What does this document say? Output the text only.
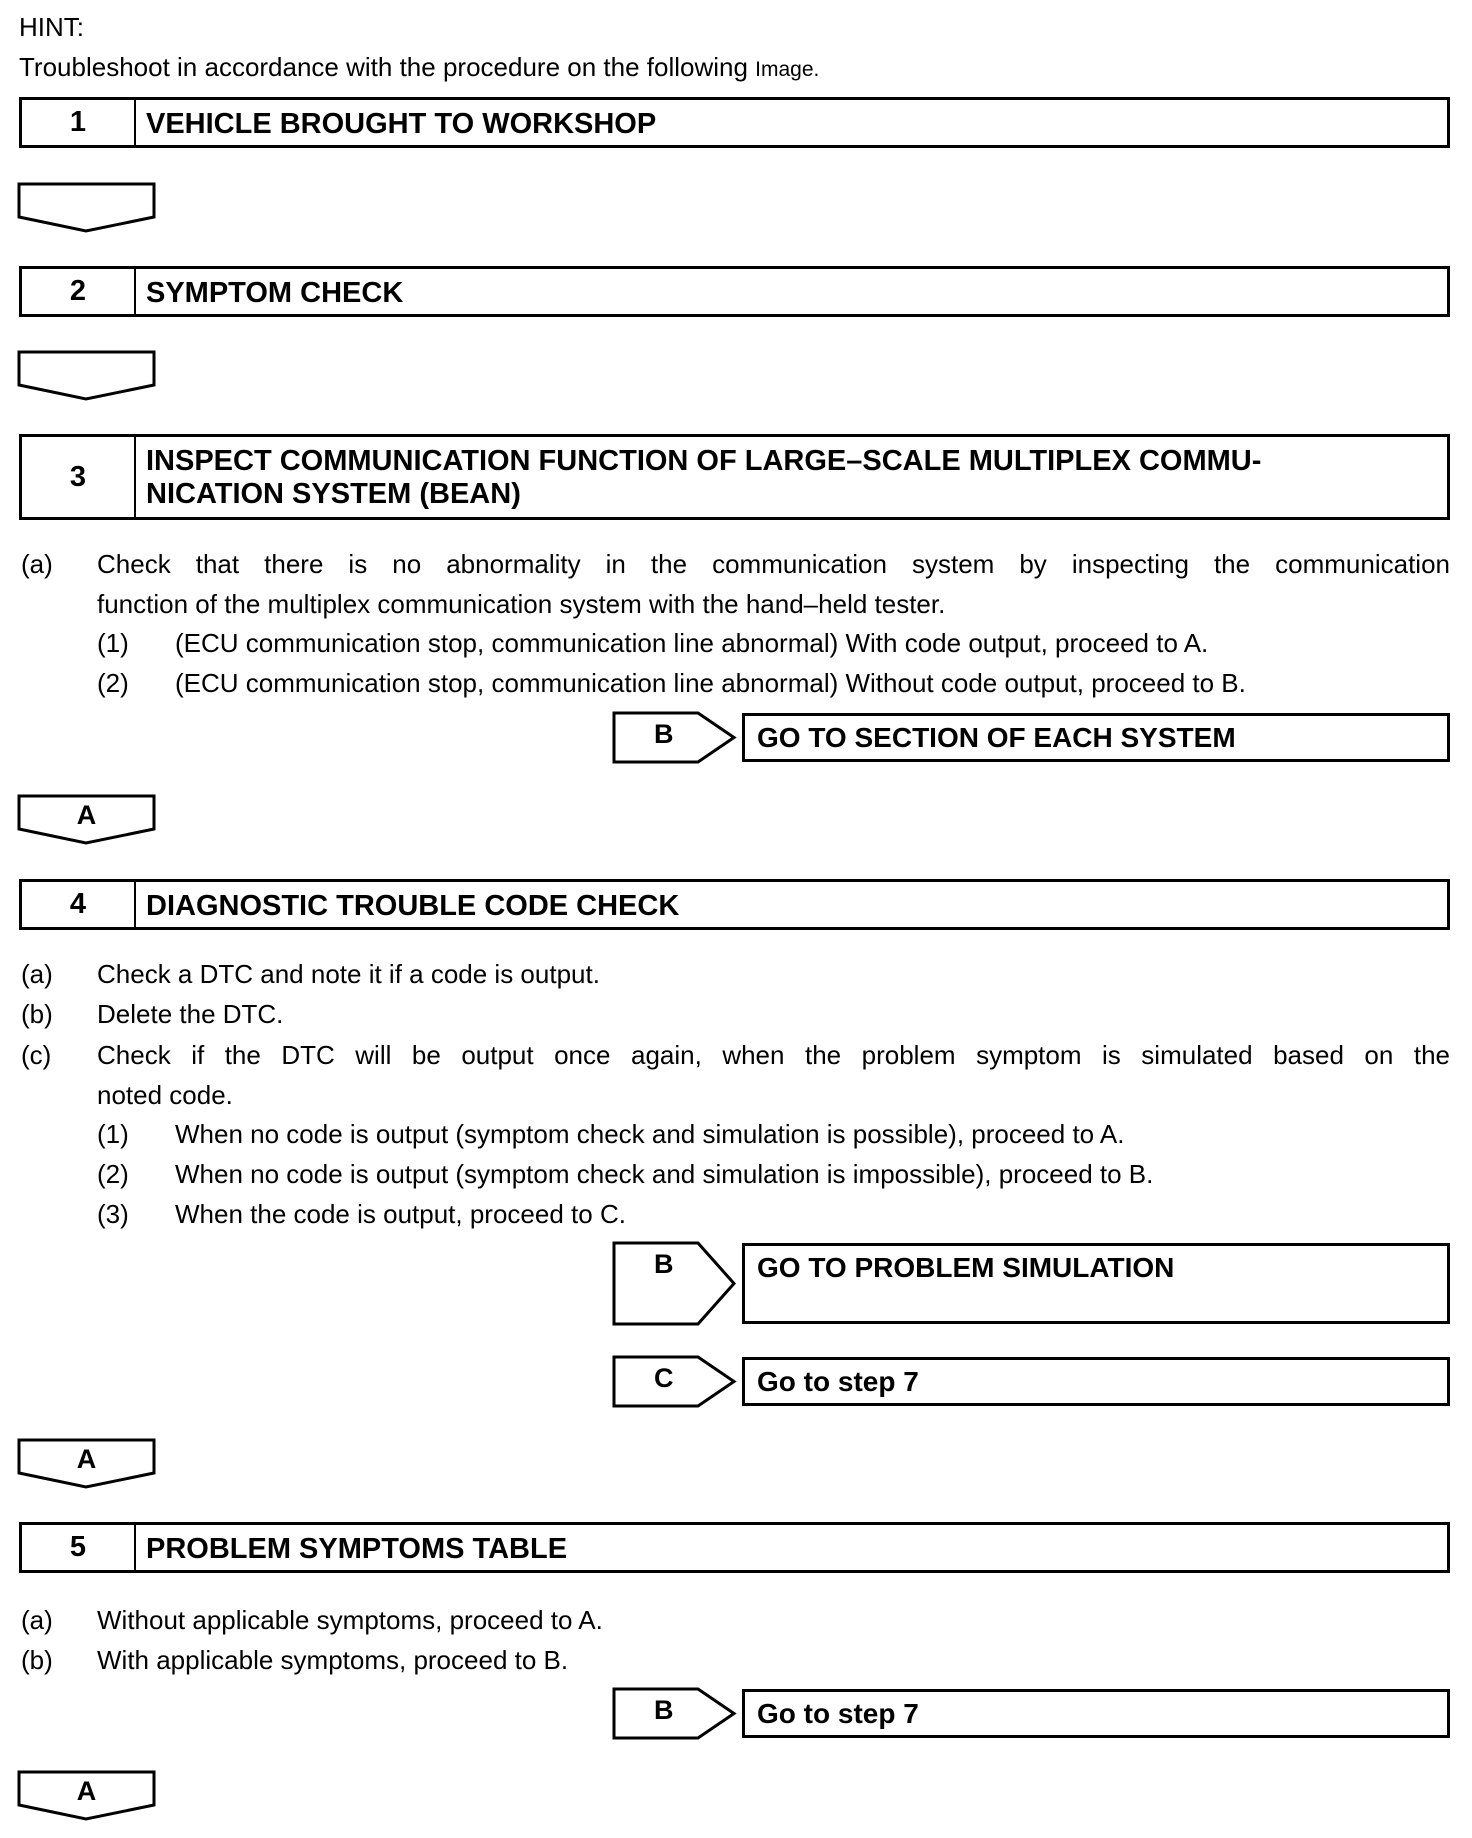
HINT:
Troubleshoot in accordance with the procedure on the following Image.
1	VEHICLE BROUGHT TO WORKSHOP
2	SYMPTOM CHECK
3	INSPECT COMMUNICATION FUNCTION OF LARGE–SCALE MULTIPLEX COMMU-
NICATION SYSTEM (BEAN)
(a) Check that there is no abnormality in the communication system by inspecting the communication
function of the multiplex communication system with the hand–held tester.
(1) (ECU communication stop, communication line abnormal) With code output, proceed to A.
(2) (ECU communication stop, communication line abnormal) Without code output, proceed to B.
B	GO TO SECTION OF EACH SYSTEM
A
4	DIAGNOSTIC TROUBLE CODE CHECK
(a) Check a DTC and note it if a code is output.
(b) Delete the DTC.
(c) Check if the DTC will be output once again, when the problem symptom is simulated based on the
noted code.
(1) When no code is output (symptom check and simulation is possible), proceed to A.
(2) When no code is output (symptom check and simulation is impossible), proceed to B.
(3) When the code is output, proceed to C.
B	GO TO PROBLEM SIMULATION
C	Go to step 7
A
5	PROBLEM SYMPTOMS TABLE
(a) Without applicable symptoms, proceed to A.
(b) With applicable symptoms, proceed to B.
B	Go to step 7
A
